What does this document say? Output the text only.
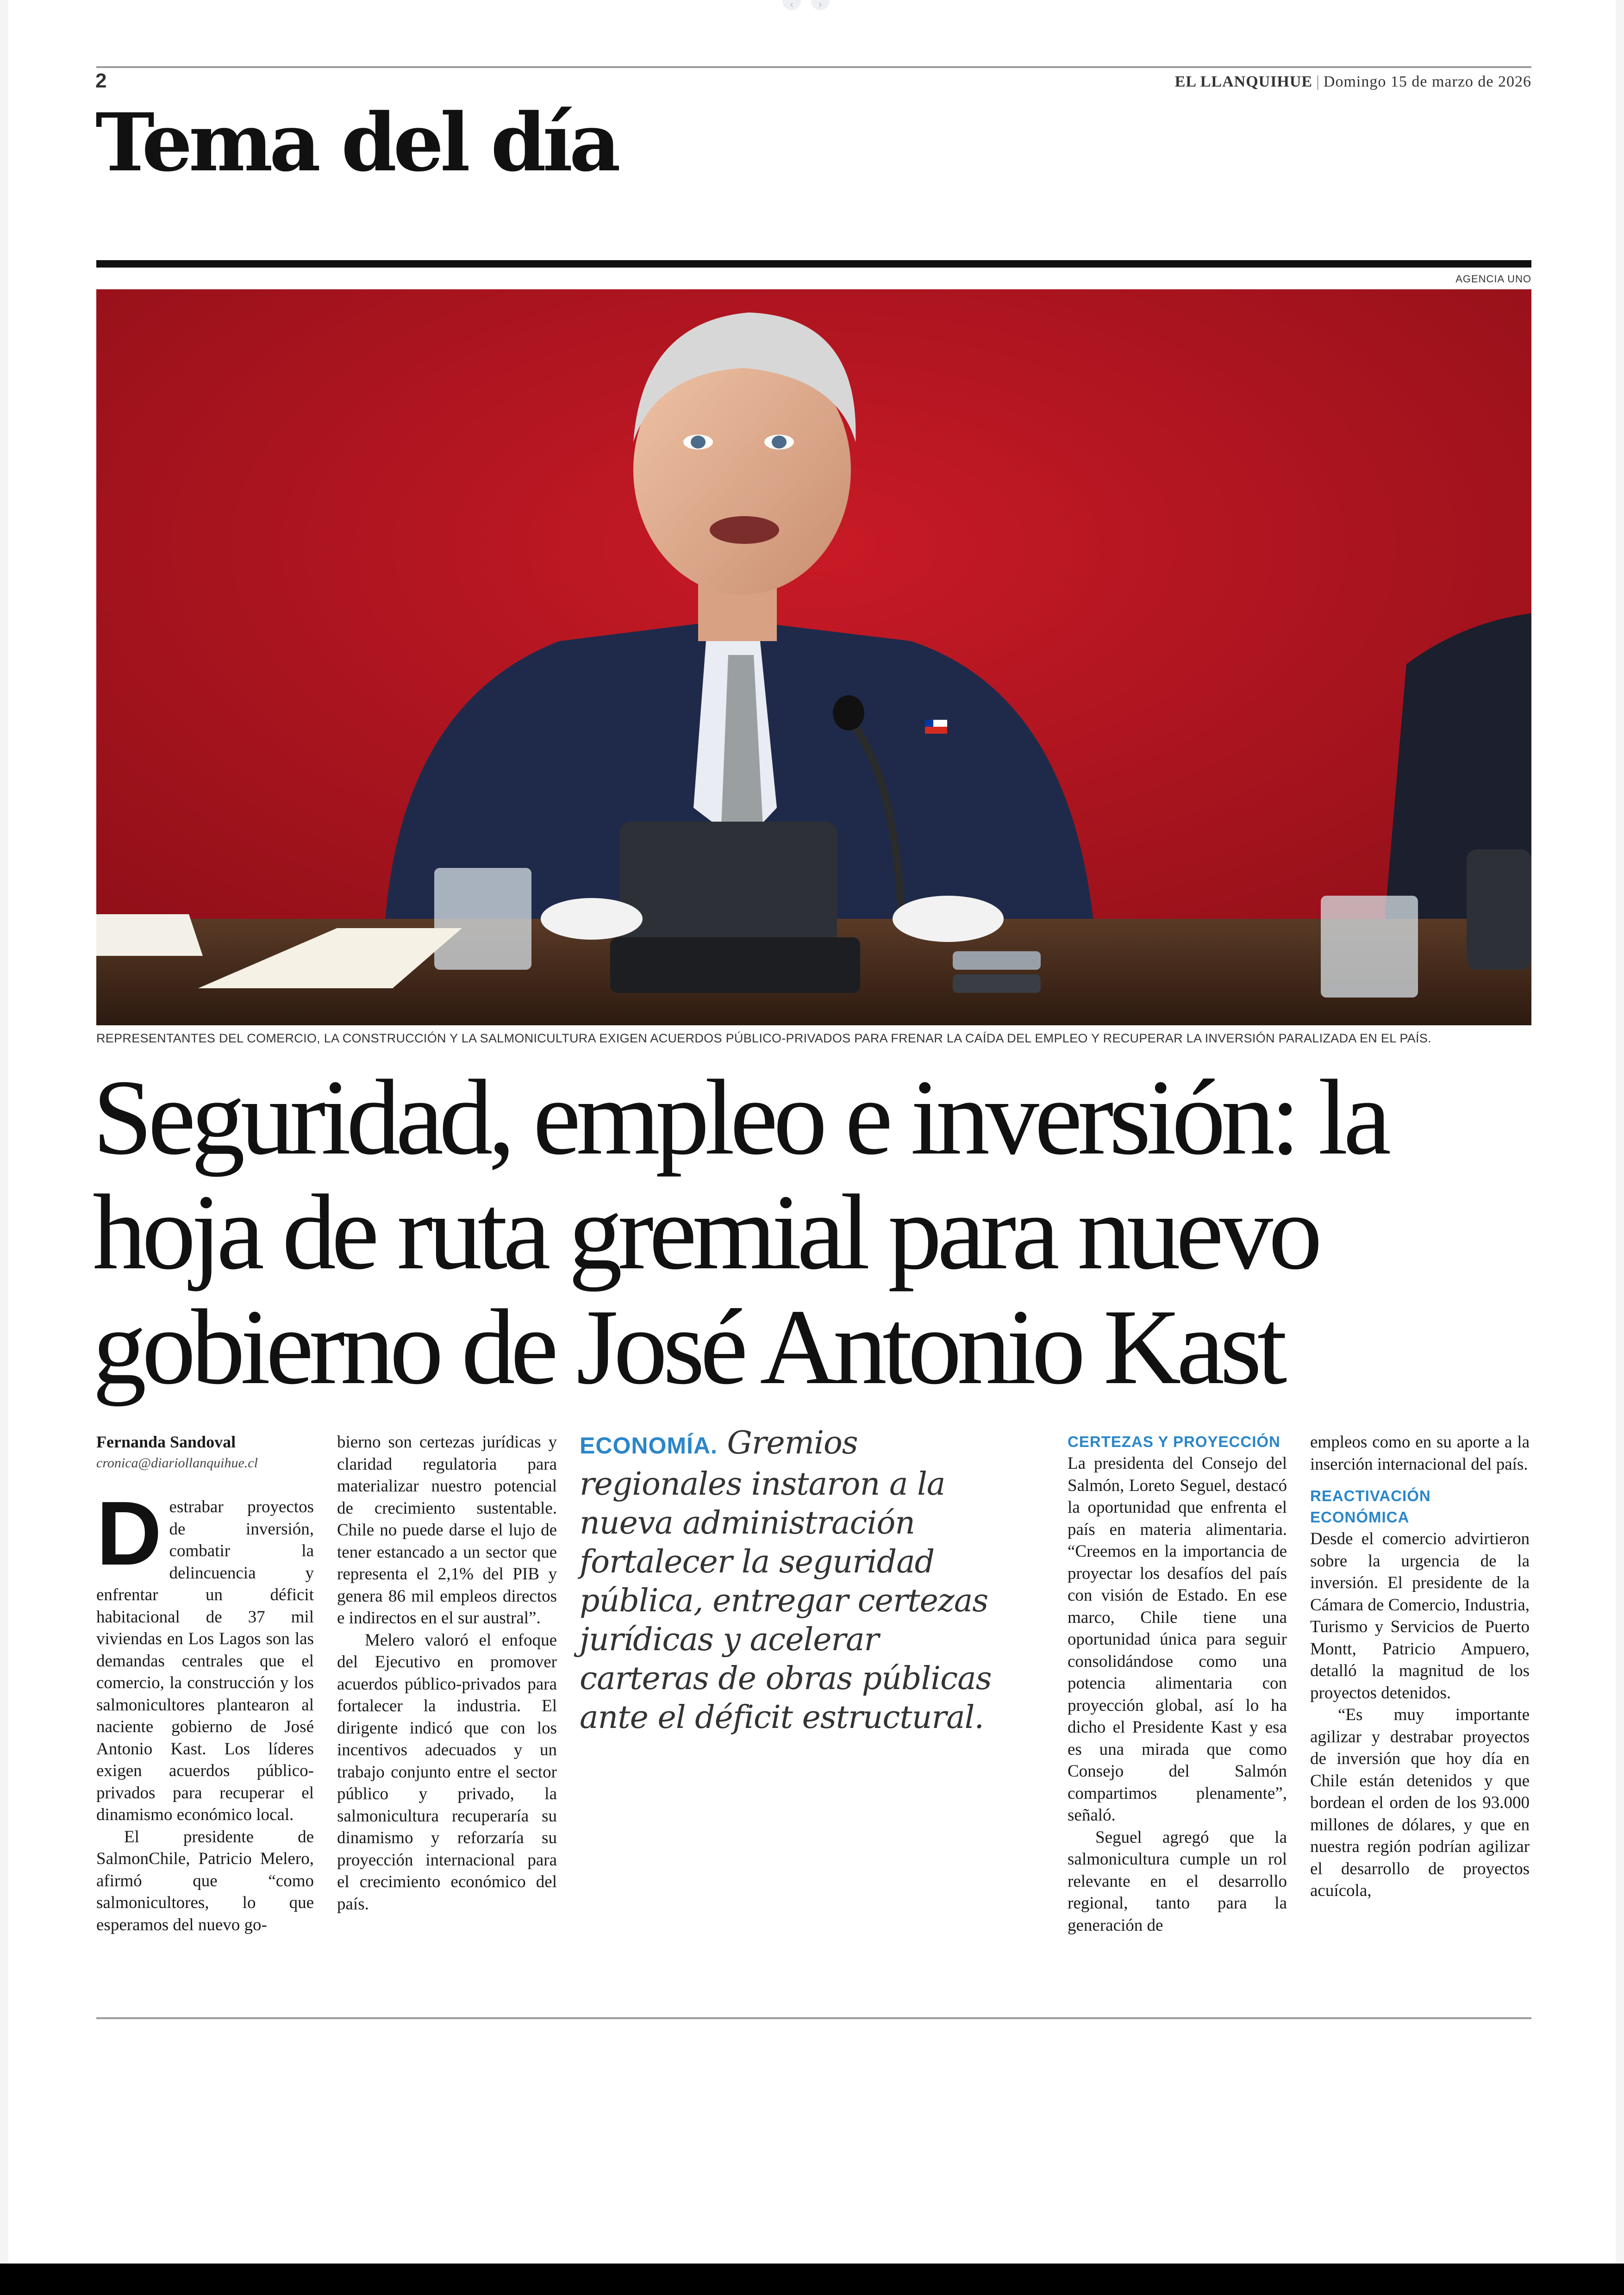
‹	›
2	EL LLANQUIHUE | Domingo 15 de marzo de 2026
Tema del día
AGENCIA UNO
REPRESENTANTES DEL COMERCIO, LA CONSTRUCCIÓN Y LA SALMONICULTURA EXIGEN ACUERDOS PÚBLICO-PRIVADOS PARA FRENAR LA CAÍDA DEL EMPLEO Y RECUPERAR LA INVERSIÓN PARALIZADA EN EL PAÍS.
Seguridad, empleo e inversión: la
hoja de ruta gremial para nuevo
gobierno de José Antonio Kast
Fernanda Sandoval
cronica@diariollanquihue.cl

Destrabar proyectos de inversión, combatir la delincuencia y enfrentar un déficit habitacional de 37 mil viviendas en Los Lagos son las demandas centrales que el comercio, la construcción y los salmonicultores plantearon al naciente gobierno de José Antonio Kast. Los líderes exigen acuerdos público-privados para recuperar el dinamismo económico local.

El presidente de SalmonChile, Patricio Melero, afirmó que “como salmonicultores, lo que esperamos del nuevo go-

bierno son certezas jurídicas y claridad regulatoria para materializar nuestro potencial de crecimiento sustentable. Chile no puede darse el lujo de tener estancado a un sector que representa el 2,1% del PIB y genera 86 mil empleos directos e indirectos en el sur austral”.

Melero valoró el enfoque del Ejecutivo en promover acuerdos público-privados para fortalecer la industria. El dirigente indicó que con los incentivos adecuados y un trabajo conjunto entre el sector público y privado, la salmonicultura recuperaría su dinamismo y reforzaría su proyección internacional para el crecimiento económico del país.

ECONOMÍA. Gremios regionales instaron a la nueva administración fortalecer la seguridad pública, entregar certezas jurídicas y acelerar carteras de obras públicas ante el déficit estructural.
CERTEZAS Y PROYECCIÓN

La presidenta del Consejo del Salmón, Loreto Seguel, destacó la oportunidad que enfrenta el país en materia alimentaria. “Creemos en la importancia de proyectar los desafíos del país con visión de Estado. En ese marco, Chile tiene una oportunidad única para seguir consolidándose como una potencia alimentaria con proyección global, así lo ha dicho el Presidente Kast y esa es una mirada que como Consejo del Salmón compartimos plenamente”, señaló.

Seguel agregó que la salmonicultura cumple un rol relevante en el desarrollo regional, tanto para la generación de

empleos como en su aporte a la inserción internacional del país.

REACTIVACIÓN ECONÓMICA

Desde el comercio advirtieron sobre la urgencia de la inversión. El presidente de la Cámara de Comercio, Industria, Turismo y Servicios de Puerto Montt, Patricio Ampuero, detalló la magnitud de los proyectos detenidos.

“Es muy importante agilizar y destrabar proyectos de inversión que hoy día en Chile están detenidos y que bordean el orden de los 93.000 millones de dólares, y que en nuestra región podrían agilizar el desarrollo de proyectos acuícola,
